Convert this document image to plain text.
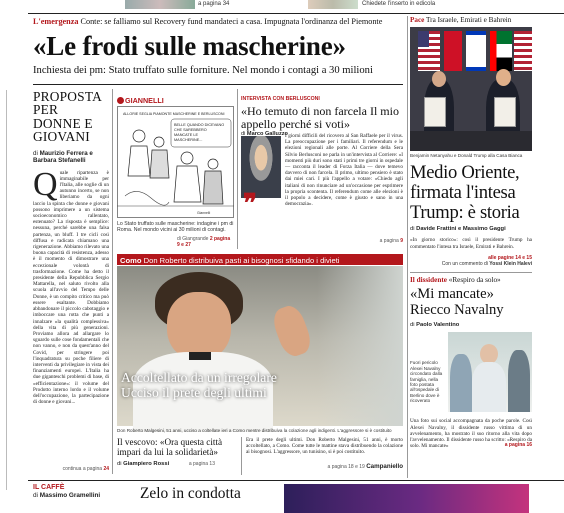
a pagina 34	Chiedete l'inserto in edicola
L'emergenza Conte: se falliamo sul Recovery fund mandateci a casa. Impugnata l'ordinanza del Piemonte
«Le frodi sulle mascherine»
Inchiesta dei pm: Stato truffato sulle forniture. Nel mondo i contagi a 30 milioni
PROPOSTA PER DONNE E GIOVANI
di Maurizio Ferrera e Barbara Stefanelli
Q uale ripartenza è immaginabile per l'Italia, alle soglie di un autunno incerto, se non liberiamo da ogni laccio la spinta che donne e giovani possono imprimere a un sistema socioeconomico rallentato, estenuato? La risposta è semplice: nessuna, perché sarebbe una falsa partenza, un bluff. I tre cicli così diffusa e radicata chiamano una rigenerazione. Abbiamo rilevato una buona capacità di resistenza, adesso è il momento di dimostrare una eccezionale volontà di trasformazione. Come ha detto il presidente della Repubblica Sergio Mattarella, nel saluto rivolto alla scuola all'avvio del Tempo delle Donne, è un compito critico ma può essere esaltante. Dobbiamo abbandonare il piccolo cabotaggio e imboccare una rotta che punti a innalzare «la qualità complessiva» della vita di più generazioni. Proviamo allora ad allargare lo sguardo sulle cose fondamentali che non vanno, e non da quest'anno del Covid, per stringere poi l'inquadratura su poche filiere di interventi da privilegiare in vista dei finanziamenti europei. L'Italia ha due giganteschi problemi di base, di «efficientazione»: il volume del Prodotto interno lordo e il volume dell'occupazione, la partecipazione di donne e giovani...
continua a pagina 24
GIANNELLI
ALLORIE SEGLIA PIAMONTE MASCHERINE E BERLUSCONI
BELLE QUANDO DICEVANO
CHE SAREBBERO
MANCATE LE
MASCHERINE...
Giannelli
Lo Stato truffato sulle mascherine: indagine i pm di Roma. Nel mondo vicini ai 30 milioni di contagi.
di Giangrande 2 pagina 9 e 27
INTERVISTA CON BERLUSCONI
«Ho temuto di non farcela Il mio appello perché si voti»
di Marco Galluzzo
❞
I giorni difficili del ricovero al San Raffaele per il virus. La preoccupazione per i familiari. Il referendum e le elezioni regionali alle porte. Al Corriere della Sera Silvio Berlusconi ne parla in un'intervista al Corriere: «I momenti più duri sono stati i primi tre giorni in ospedale — racconta il leader di Forza Italia — dove temevo davvero di non farcela. Il primo, ultimo pensiero è stato dai miei cari. I più l'appello a votare: «Chiedo agli italiani di non rinunciare ad un'occasione per esprimere la propria scontenta. Il referendum come alle elezioni è il popolo a decidere, come è giusto e sano in una democrazia».
a pagina 9
Como Don Roberto distribuiva pasti ai bisognosi sfidando i divieti
Accoltellato da un irregolare Ucciso il prete degli ultimi
Don Roberto Malgesini, 51 anni, ucciso a coltellate ieri a Como mentre distribuiva la colazione agli indigenti. L'aggressore si è costituito
Il vescovo: «Ora questa città impari da lui la solidarietà»
di Giampiero Rossi	a pagina 13
Era il prete degli ultimi. Don Roberto Malgesini, 51 anni, è morto accoltellato, a Como. Come tutte le mattine stava distribuendo la colazione ai bisognosi. L'aggressore, un tunisino, si è poi costituito.
a pagina 18 e 19 Campaniello
Pace Tra Israele, Emirati e Bahrein
Benjamin Netanyahu e Donald Trump alla Casa Bianca
Medio Oriente, firmata l'intesa Trump: è storia
di Davide Frattini e Massimo Gaggi
«In giorno storico»: così il presidente Trump ha commentato l'intesa tra Israele, Emirati e Bahrein.
alle pagine 14 e 15
Con un commento di Yossi Klein Halevi
Il dissidente «Respiro da solo»
«Mi mancate» Riecco Navalny
di Paolo Valentino
Fuori pericolo Alexei Navalny circondato dalla famiglia, nella foto postata all'ospedale di Berlino dove è ricoverato
Una foto sui social accompagnata da poche parole. Così Alexei Navalny, il dissidente russo vittima di un avvelenamento, ha mostrato il suo ritorno alla vita dopo l'avvelenamento. Il dissidente russo ha scritto: «Respiro da solo. Mi mancate»	a pagina 16
IL CAFFÈ
di Massimo Gramellini	Zelo in condotta
